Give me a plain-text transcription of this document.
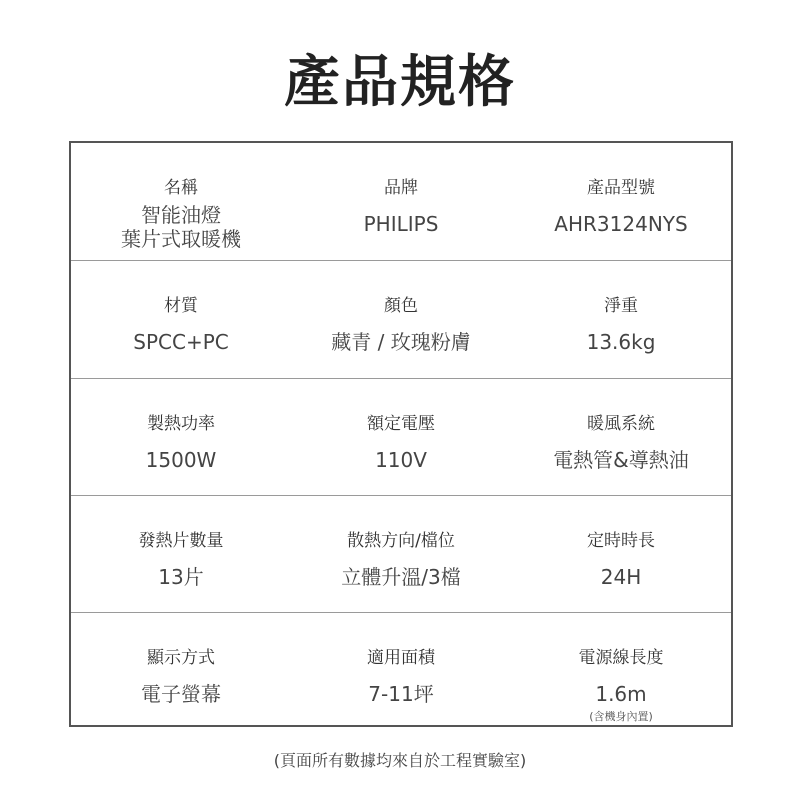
產品規格
名稱
智能油燈
葉片式取暖機
品牌
PHILIPS
產品型號
AHR3124NYS
材質
SPCC+PC
顏色
藏青 / 玫瑰粉膚
淨重
13.6kg
製熱功率
1500W
額定電壓
110V
暖風系統
電熱管&導熱油
發熱片數量
13片
散熱方向/檔位
立體升溫/3檔
定時時長
24H
顯示方式
電子螢幕
適用面積
7-11坪
電源線長度
1.6m
(含機身內置)
(頁面所有數據均來自於工程實驗室)
